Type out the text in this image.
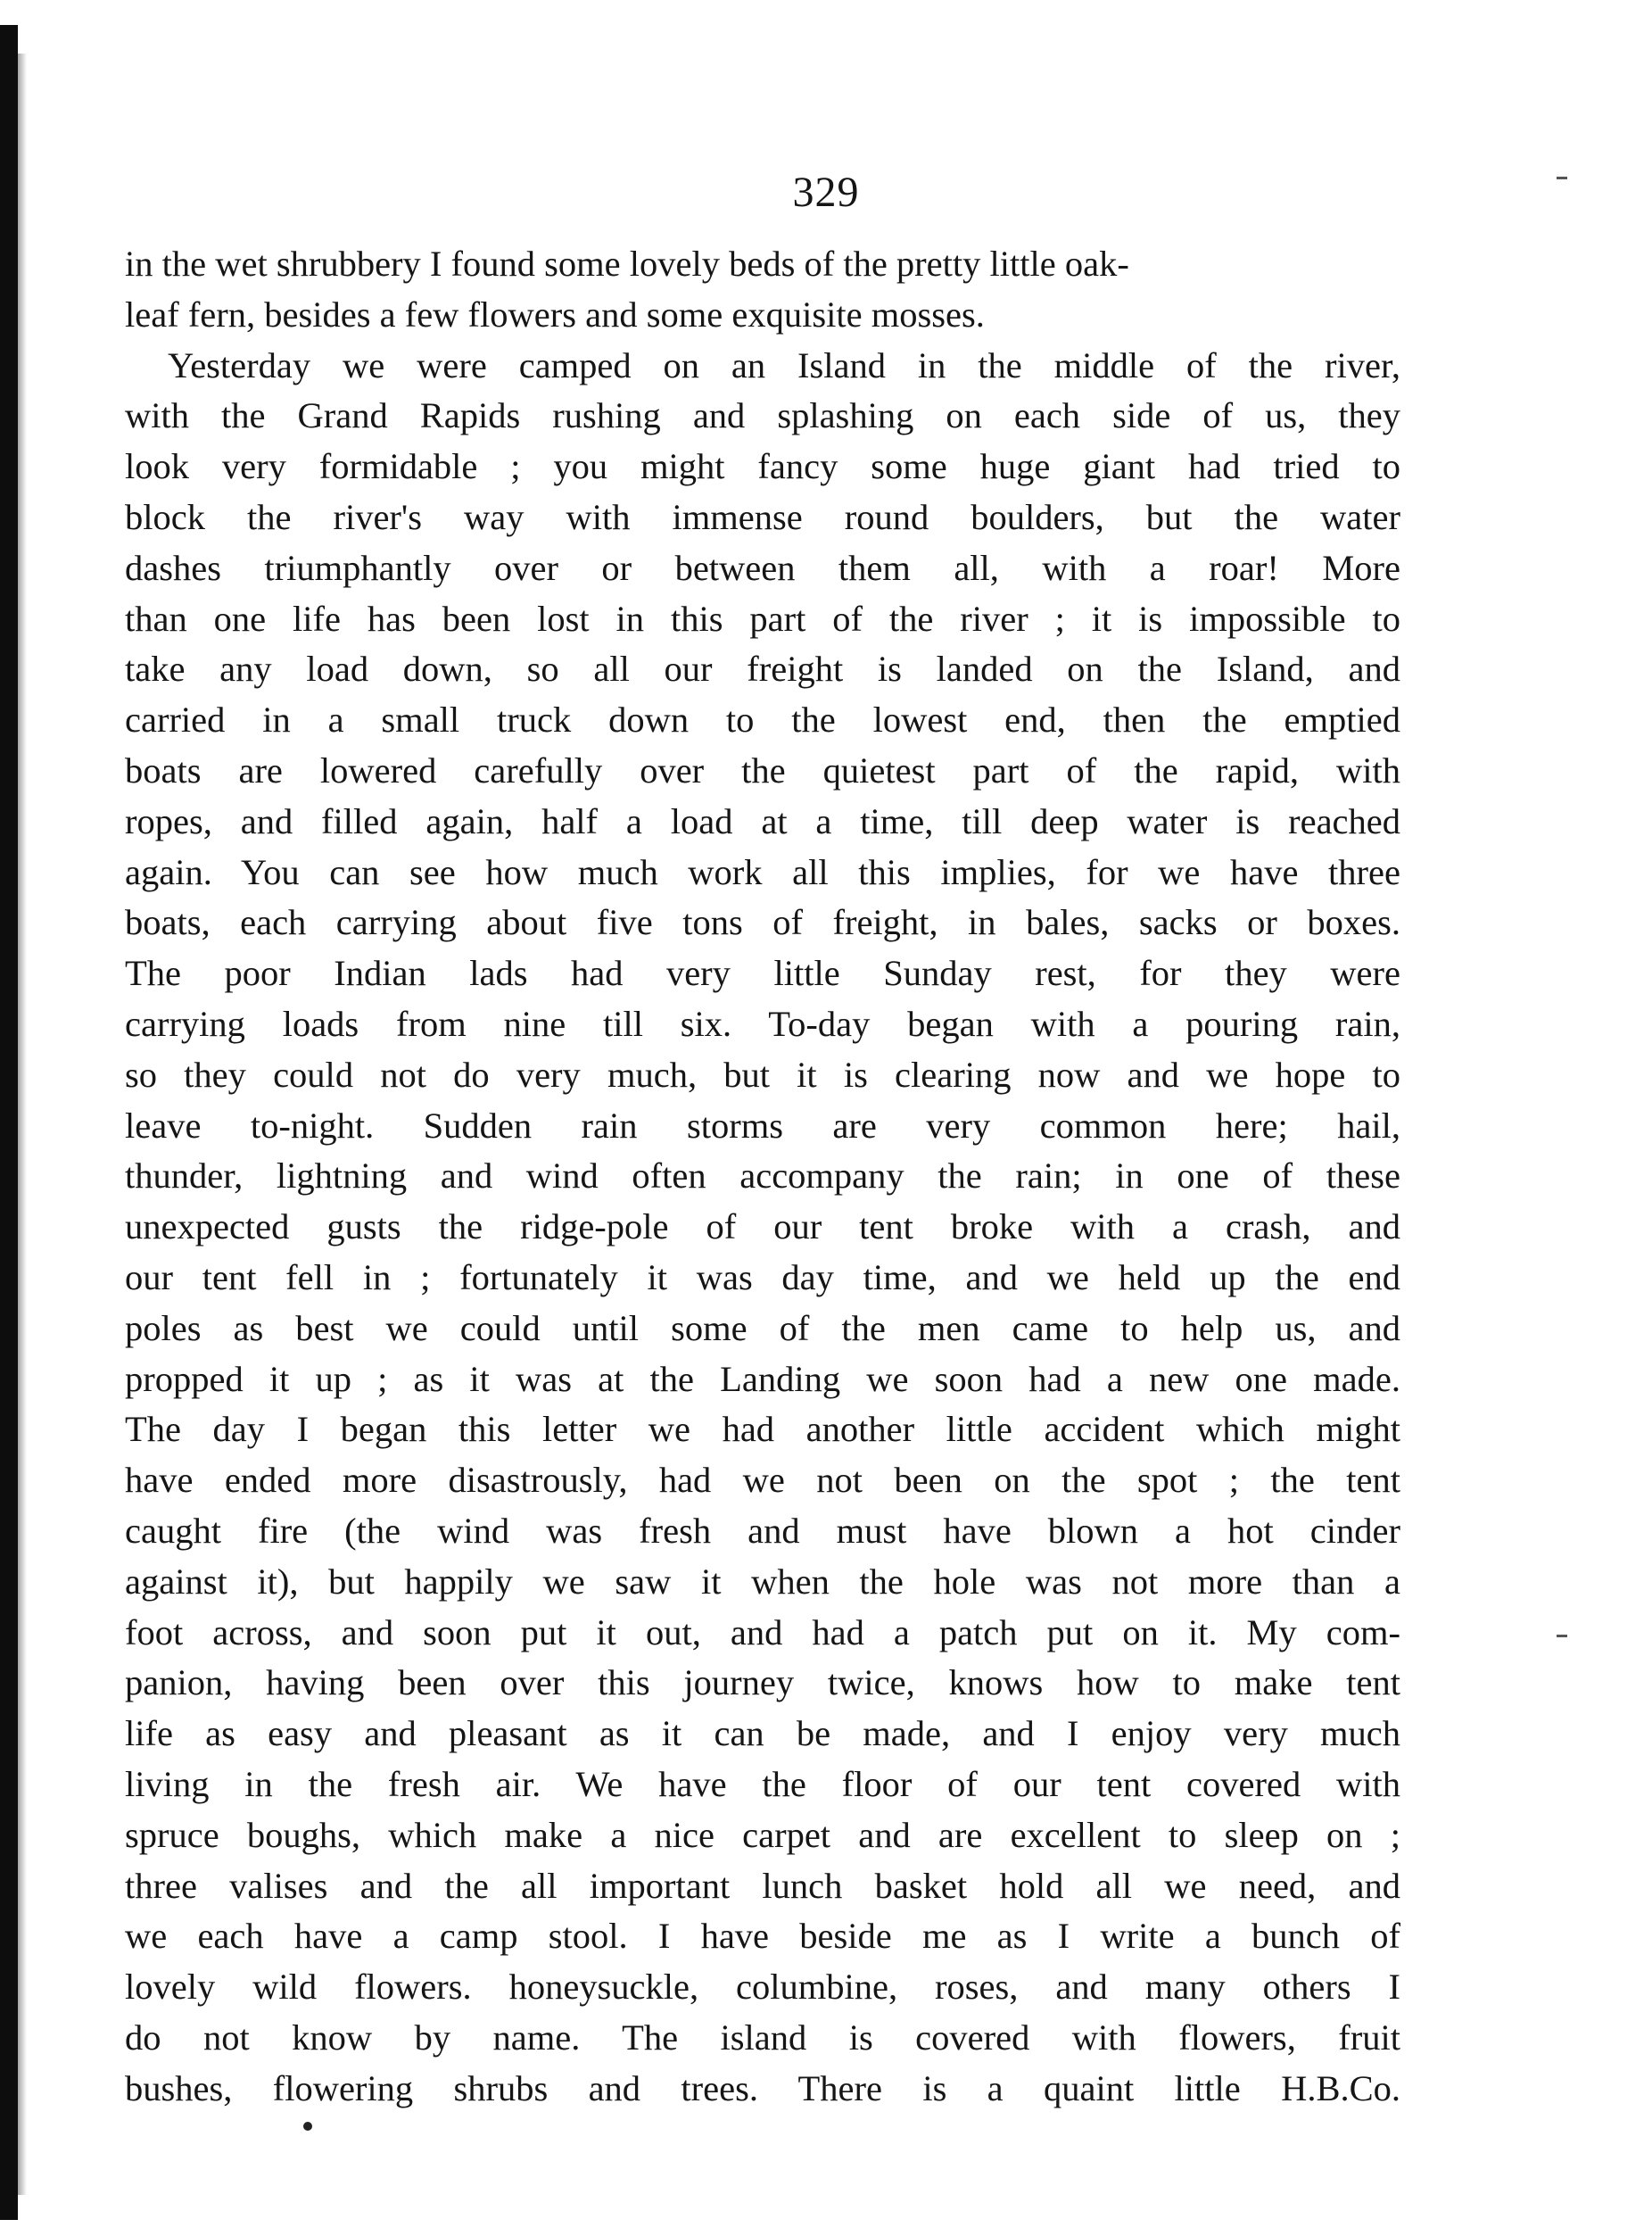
329
in the wet shrubbery I found some lovely beds of the pretty little oak-
leaf fern, besides a few flowers and some exquisite mosses.
Yesterday we were camped on an Island in the middle of the river,
with the Grand Rapids rushing and splashing on each side of us, they
look very formidable ; you might fancy some huge giant had tried to
block the river's way with immense round boulders, but the water
dashes triumphantly over or between them all, with a roar! More
than one life has been lost in this part of the river ; it is impossible to
take any load down, so all our freight is landed on the Island, and
carried in a small truck down to the lowest end, then the emptied
boats are lowered carefully over the quietest part of the rapid, with
ropes, and filled again, half a load at a time, till deep water is reached
again. You can see how much work all this implies, for we have three
boats, each carrying about five tons of freight, in bales, sacks or boxes.
The poor Indian lads had very little Sunday rest, for they were
carrying loads from nine till six. To-day began with a pouring rain,
so they could not do very much, but it is clearing now and we hope to
leave to-night. Sudden rain storms are very common here; hail,
thunder, lightning and wind often accompany the rain; in one of these
unexpected gusts the ridge-pole of our tent broke with a crash, and
our tent fell in ; fortunately it was day time, and we held up the end
poles as best we could until some of the men came to help us, and
propped it up ; as it was at the Landing we soon had a new one made.
The day I began this letter we had another little accident which might
have ended more disastrously, had we not been on the spot ; the tent
caught fire (the wind was fresh and must have blown a hot cinder
against it), but happily we saw it when the hole was not more than a
foot across, and soon put it out, and had a patch put on it. My com-
panion, having been over this journey twice, knows how to make tent
life as easy and pleasant as it can be made, and I enjoy very much
living in the fresh air. We have the floor of our tent covered with
spruce boughs, which make a nice carpet and are excellent to sleep on ;
three valises and the all important lunch basket hold all we need, and
we each have a camp stool. I have beside me as I write a bunch of
lovely wild flowers. honeysuckle, columbine, roses, and many others I
do not know by name. The island is covered with flowers, fruit
bushes, flowering shrubs and trees. There is a quaint little H.B.Co.
